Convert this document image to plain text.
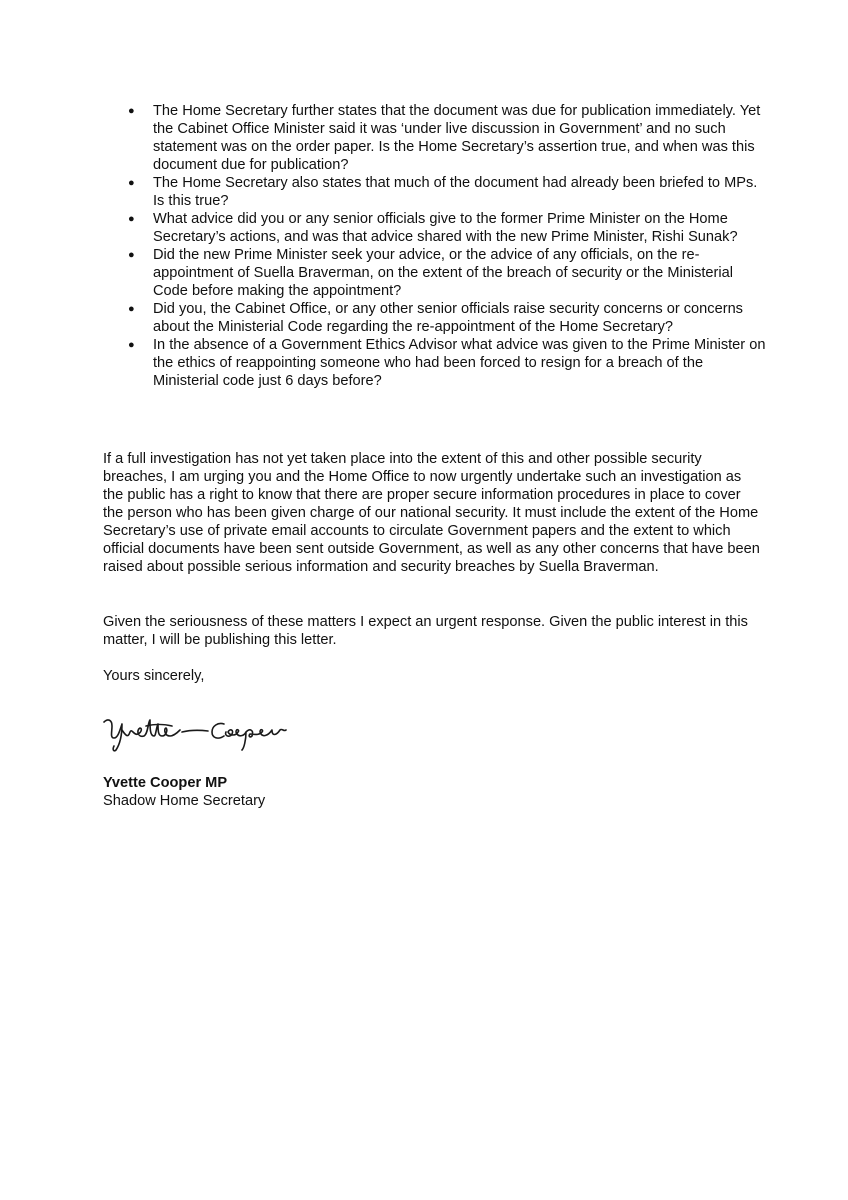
● The Home Secretary further states that the document was due for publication immediately. Yet the Cabinet Office Minister said it was ‘under live discussion in Government’ and no such statement was on the order paper. Is the Home Secretary’s assertion true, and when was this document due for publication?
● The Home Secretary also states that much of the document had already been briefed to MPs. Is this true?
● What advice did you or any senior officials give to the former Prime Minister on the Home Secretary’s actions, and was that advice shared with the new Prime Minister, Rishi Sunak?
● Did the new Prime Minister seek your advice, or the advice of any officials, on the re-appointment of Suella Braverman, on the extent of the breach of security or the Ministerial Code before making the appointment?
● Did you, the Cabinet Office, or any other senior officials raise security concerns or concerns about the Ministerial Code regarding the re-appointment of the Home Secretary?
● In the absence of a Government Ethics Advisor what advice was given to the Prime Minister on the ethics of reappointing someone who had been forced to resign for a breach of the Ministerial code just 6 days before?

If a full investigation has not yet taken place into the extent of this and other possible security breaches, I am urging you and the Home Office to now urgently undertake such an investigation as the public has a right to know that there are proper secure information procedures in place to cover the person who has been given charge of our national security. It must include the extent of the Home Secretary’s use of private email accounts to circulate Government papers and the extent to which official documents have been sent outside Government, as well as any other concerns that have been raised about possible serious information and security breaches by Suella Braverman.

Given the seriousness of these matters I expect an urgent response. Given the public interest in this matter, I will be publishing this letter.

Yours sincerely,

Yvette Cooper MP

Shadow Home Secretary
